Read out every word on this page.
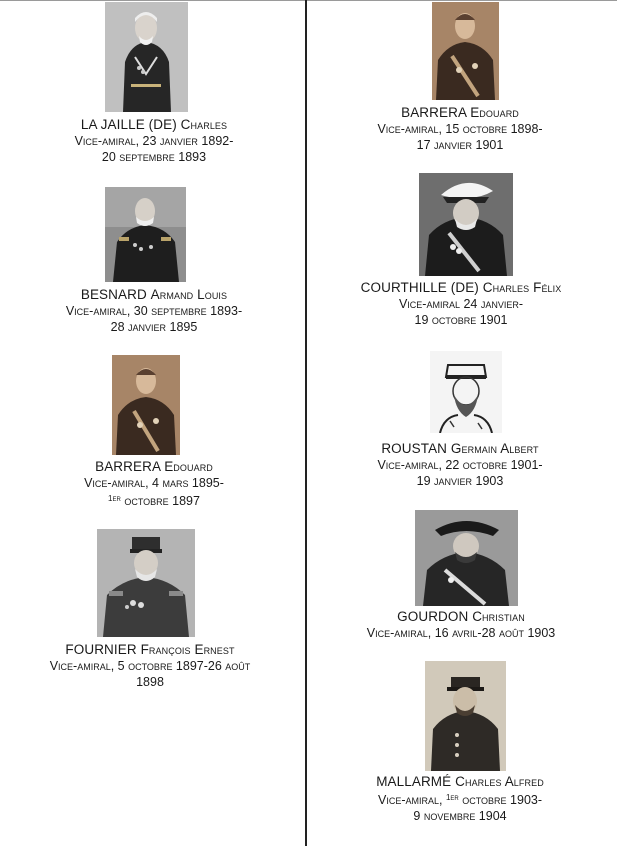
LA JAILLE (DE) Charles
Vice-amiral, 23 janvier 1892-
20 septembre 1893
BESNARD Armand Louis
Vice-amiral, 30 septembre 1893-
28 janvier 1895
BARRERA Edouard
Vice-amiral, 4 mars 1895-
$^{1er}$ octobre 1897
FOURNIER François Ernest
Vice-amiral, 5 octobre 1897-26 août
1898
BARRERA Edouard
Vice-amiral, 15 octobre 1898-
17 janvier 1901
COURTHILLE (DE) Charles Félix
Vice-amiral 24 janvier-
19 octobre 1901
ROUSTAN Germain Albert
Vice-amiral, 22 octobre 1901-
19 janvier 1903
GOURDON Christian
Vice-amiral, 16 avril-28 août 1903
MALLARMÉ Charles Alfred
Vice-amiral, $^{1er}$ octobre 1903-
9 novembre 1904
